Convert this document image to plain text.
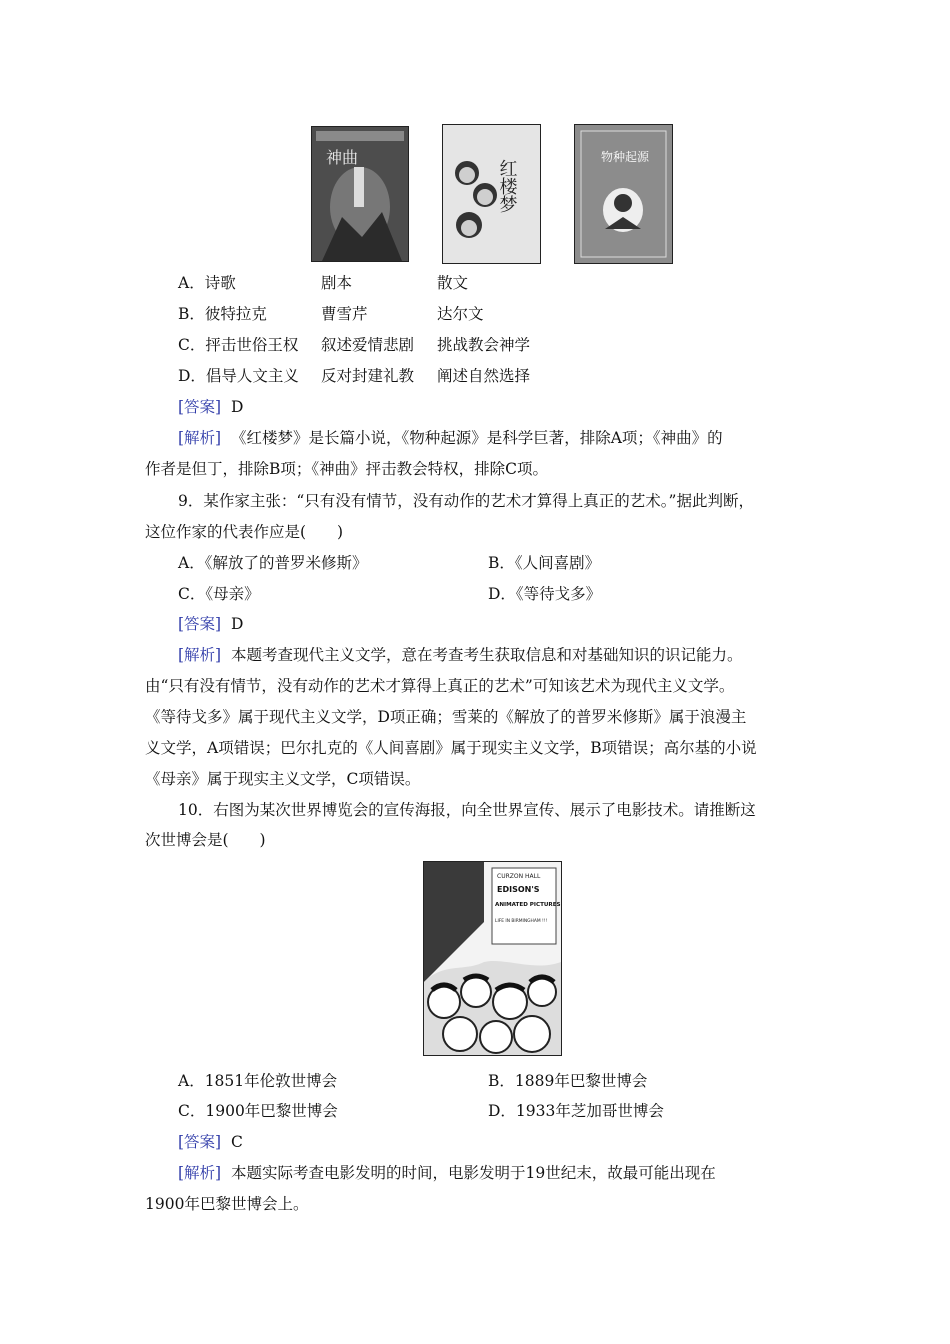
神曲
红楼梦
物种起源
A．诗歌	剧本	散文
B．彼特拉克	曹雪芹	达尔文
C．抨击世俗王权 叙述爱情悲剧 挑战教会神学
D．倡导人文主义 反对封建礼教 阐述自然选择
[答案] D
[解析] 《红楼梦》是长篇小说，《物种起源》是科学巨著，排除A项；《神曲》的
作者是但丁，排除B项；《神曲》抨击教会特权，排除C项。
9．某作家主张：“只有没有情节，没有动作的艺术才算得上真正的艺术。”据此判断，
这位作家的代表作应是(　　)
A．《解放了的普罗米修斯》	B．《人间喜剧》
C．《母亲》	D．《等待戈多》
[答案] D
[解析] 本题考查现代主义文学，意在考查考生获取信息和对基础知识的识记能力。
由“只有没有情节，没有动作的艺术才算得上真正的艺术”可知该艺术为现代主义文学。
《等待戈多》属于现代主义文学，D项正确；雪莱的《解放了的普罗米修斯》属于浪漫主
义文学，A项错误；巴尔扎克的《人间喜剧》属于现实主义文学，B项错误；高尔基的小说
《母亲》属于现实主义文学，C项错误。
10．右图为某次世界博览会的宣传海报，向全世界宣传、展示了电影技术。请推断这
次世博会是(　　)
CURZON HALL
EDISON'S
ANIMATED PICTURES
LIFE IN BIRMINGHAM !!!
A．1851年伦敦世博会	B．1889年巴黎世博会
C．1900年巴黎世博会	D．1933年芝加哥世博会
[答案] C
[解析] 本题实际考查电影发明的时间，电影发明于19世纪末，故最可能出现在
1900年巴黎世博会上。
